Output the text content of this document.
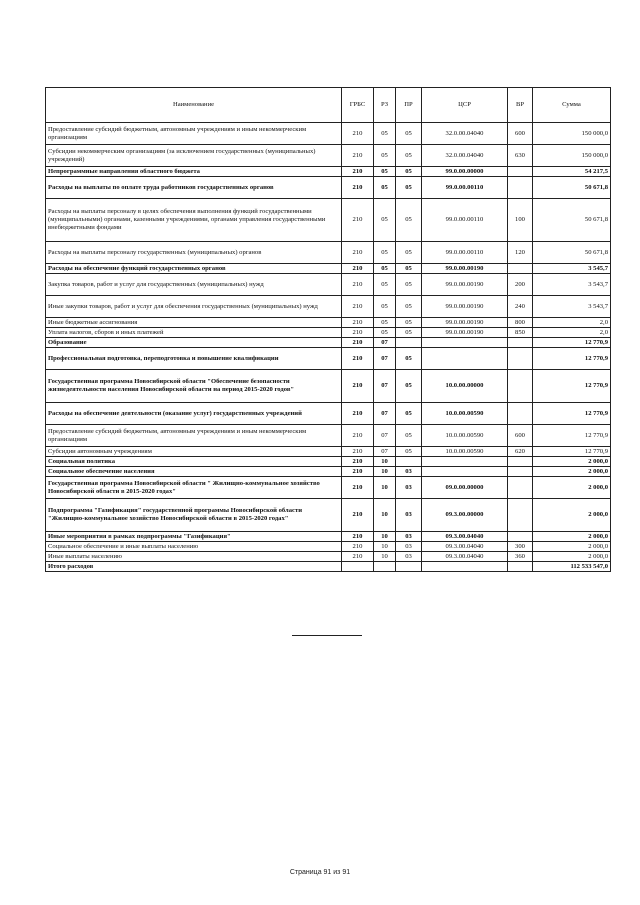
Наименование	ГРБС	РЗ	ПР	ЦСР	ВР	Сумма
Предоставление субсидий бюджетным, автономным учреждениям и иным некоммерческим организациям	210	05	05	32.0.00.04040	600	150 000,0
Субсидии некоммерческим организациям (за исключением государственных (муниципальных) учреждений)	210	05	05	32.0.00.04040	630	150 000,0
Непрограммные направления областного бюджета	210	05	05	99.0.00.00000		54 217,5
Расходы на выплаты по оплате труда работников государственных органов	210	05	05	99.0.00.00110		50 671,8
Расходы на выплаты персоналу в целях обеспечения выполнения функций государственными (муниципальными) органами, казенными учреждениями, органами управления государственными внебюджетными фондами	210	05	05	99.0.00.00110	100	50 671,8
Расходы на выплаты персоналу государственных (муниципальных) органов	210	05	05	99.0.00.00110	120	50 671,8
Расходы на обеспечение функций государственных органов	210	05	05	99.0.00.00190		3 545,7
Закупка товаров, работ и услуг для государственных (муниципальных) нужд	210	05	05	99.0.00.00190	200	3 543,7
Иные закупки товаров, работ и услуг для обеспечения государственных (муниципальных) нужд	210	05	05	99.0.00.00190	240	3 543,7
Иные бюджетные ассигнования	210	05	05	99.0.00.00190	800	2,0
Уплата налогов, сборов и иных платежей	210	05	05	99.0.00.00190	850	2,0
Образование	210	07				12 770,9
Профессиональная подготовка, переподготовка и повышение квалификации	210	07	05			12 770,9
Государственная программа Новосибирской области "Обеспечение безопасности жизнедеятельности населения Новосибирской области на период 2015-2020 годов"	210	07	05	10.0.00.00000		12 770,9
Расходы на обеспечение деятельности (оказание услуг) государственных учреждений	210	07	05	10.0.00.00590		12 770,9
Предоставление субсидий бюджетным, автономным учреждениям и иным некоммерческим организациям	210	07	05	10.0.00.00590	600	12 770,9
Субсидии автономным учреждениям	210	07	05	10.0.00.00590	620	12 770,9
Социальная политика	210	10				2 000,0
Социальное обеспечение населения	210	10	03			2 000,0
Государственная программа Новосибирской области " Жилищно-коммунальное хозяйство Новосибирской области в 2015-2020 годах"	210	10	03	09.0.00.00000		2 000,0
Подпрограмма "Газификация" государственной программы Новосибирской области "Жилищно-коммунальное хозяйство Новосибирской области в 2015-2020 годах"	210	10	03	09.3.00.00000		2 000,0
Иные мероприятия в рамках подпрограммы "Газификация"	210	10	03	09.3.00.04040		2 000,0
Социальное обеспечение и иные выплаты населению	210	10	03	09.3.00.04040	300	2 000,0
Иные выплаты населению	210	10	03	09.3.00.04040	360	2 000,0
Итого расходов						112 533 547,0
Страница 91 из 91
